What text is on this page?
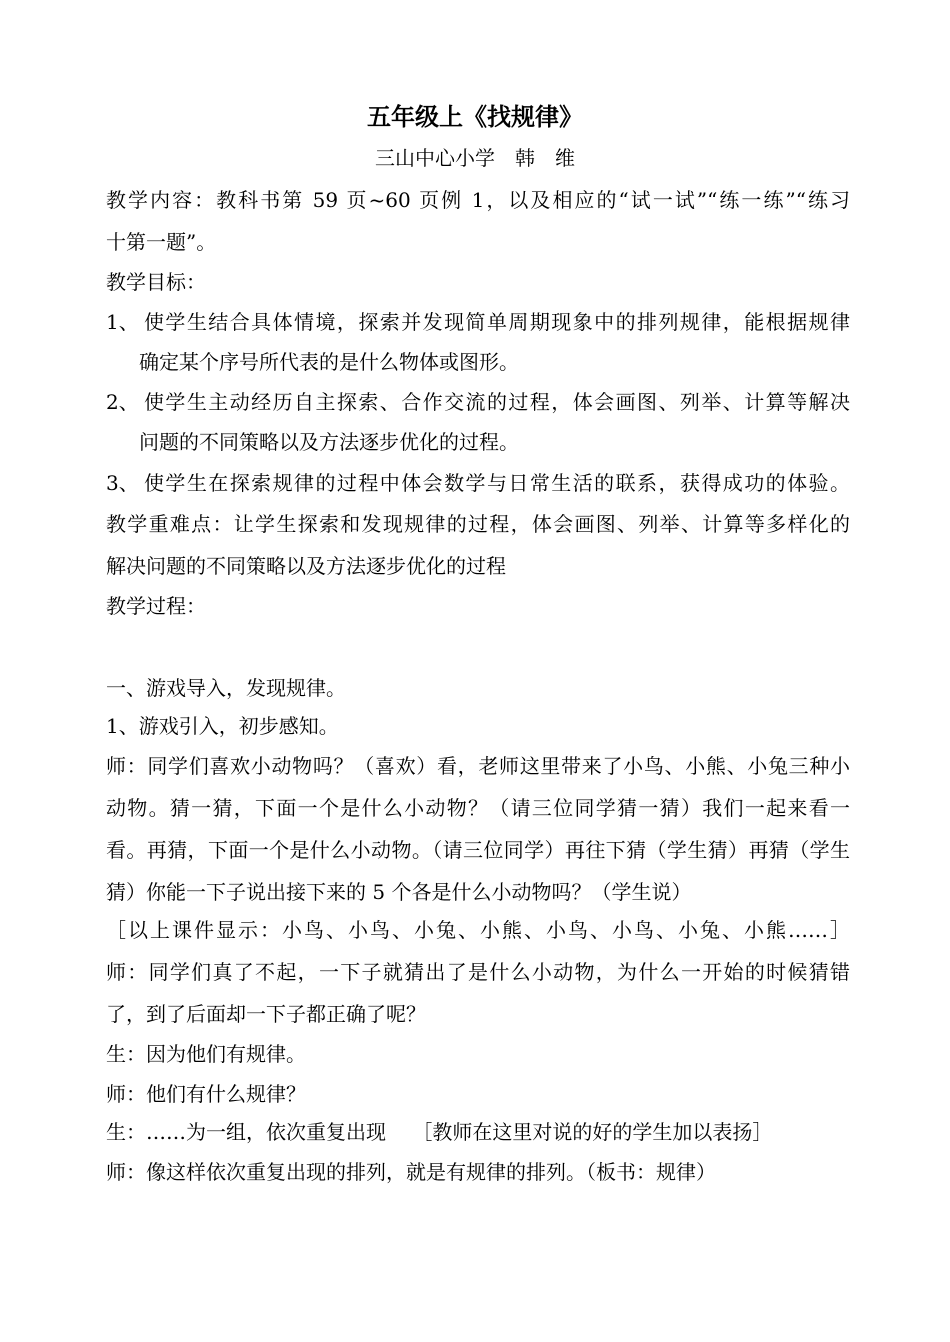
五年级上《找规律》
三山中心小学　韩　维
教学内容：教科书第 59 页~60 页例 1，以及相应的“试一试”“练一练”“练习
十第一题”。
教学目标：
1、 使学生结合具体情境，探索并发现简单周期现象中的排列规律，能根据规律
确定某个序号所代表的是什么物体或图形。
2、 使学生主动经历自主探索、合作交流的过程，体会画图、列举、计算等解决
问题的不同策略以及方法逐步优化的过程。
3、 使学生在探索规律的过程中体会数学与日常生活的联系，获得成功的体验。
教学重难点：让学生探索和发现规律的过程，体会画图、列举、计算等多样化的
解决问题的不同策略以及方法逐步优化的过程
教学过程：
一、游戏导入，发现规律。
1、游戏引入，初步感知。
师：同学们喜欢小动物吗？（喜欢）看，老师这里带来了小鸟、小熊、小兔三种小
动物。猜一猜，下面一个是什么小动物？（请三位同学猜一猜）我们一起来看一
看。再猜，下面一个是什么小动物。（请三位同学）再往下猜（学生猜）再猜（学生
猜）你能一下子说出接下来的 5 个各是什么小动物吗？（学生说）
［以上课件显示：小鸟、小鸟、小兔、小熊、小鸟、小鸟、小兔、小熊……］
师：同学们真了不起，一下子就猜出了是什么小动物，为什么一开始的时候猜错
了，到了后面却一下子都正确了呢？
生：因为他们有规律。
师：他们有什么规律？
生：……为一组，依次重复出现　 ［教师在这里对说的好的学生加以表扬］
师：像这样依次重复出现的排列，就是有规律的排列。（板书：规律）
